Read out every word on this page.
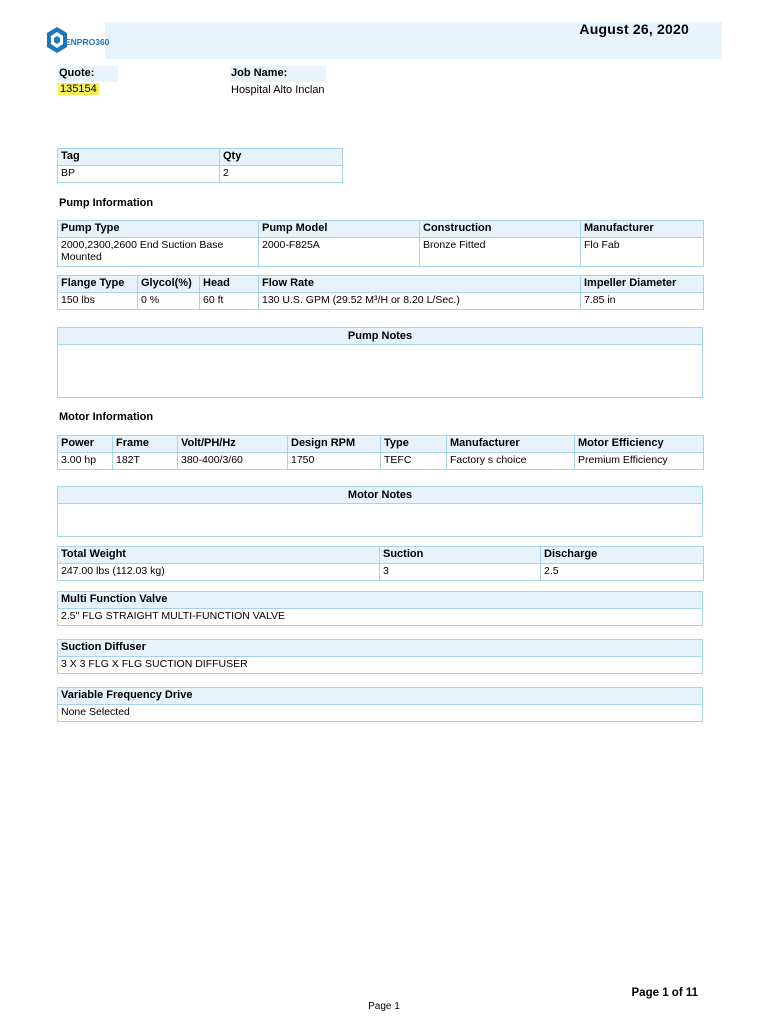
ENPRO360
August 26, 2020
Quote:	Job Name:
135154	Hospital Alto Inclan
Tag	Qty
BP	2
Pump Information
Pump Type	Pump Model	Construction	Manufacturer
2000,2300,2600 End Suction Base Mounted	2000-F825A	Bronze Fitted	Flo Fab
Flange Type	Glycol(%)	Head	Flow Rate	Impeller Diameter
150 lbs	0 %	60 ft	130 U.S. GPM (29.52 M³/H or 8.20 L/Sec.)	7.85 in
Pump Notes
Motor Information
Power	Frame	Volt/PH/Hz	Design RPM	Type	Manufacturer	Motor Efficiency
3.00 hp	182T	380-400/3/60	1750	TEFC	Factory s choice	Premium Efficiency
Motor Notes
Total Weight	Suction	Discharge
247.00 lbs (112.03 kg)	3	2.5
Multi Function Valve
2.5" FLG STRAIGHT MULTI-FUNCTION VALVE
Suction Diffuser
3 X 3 FLG X FLG SUCTION DIFFUSER
Variable Frequency Drive
None Selected
Page 1 of 11
Page 1
